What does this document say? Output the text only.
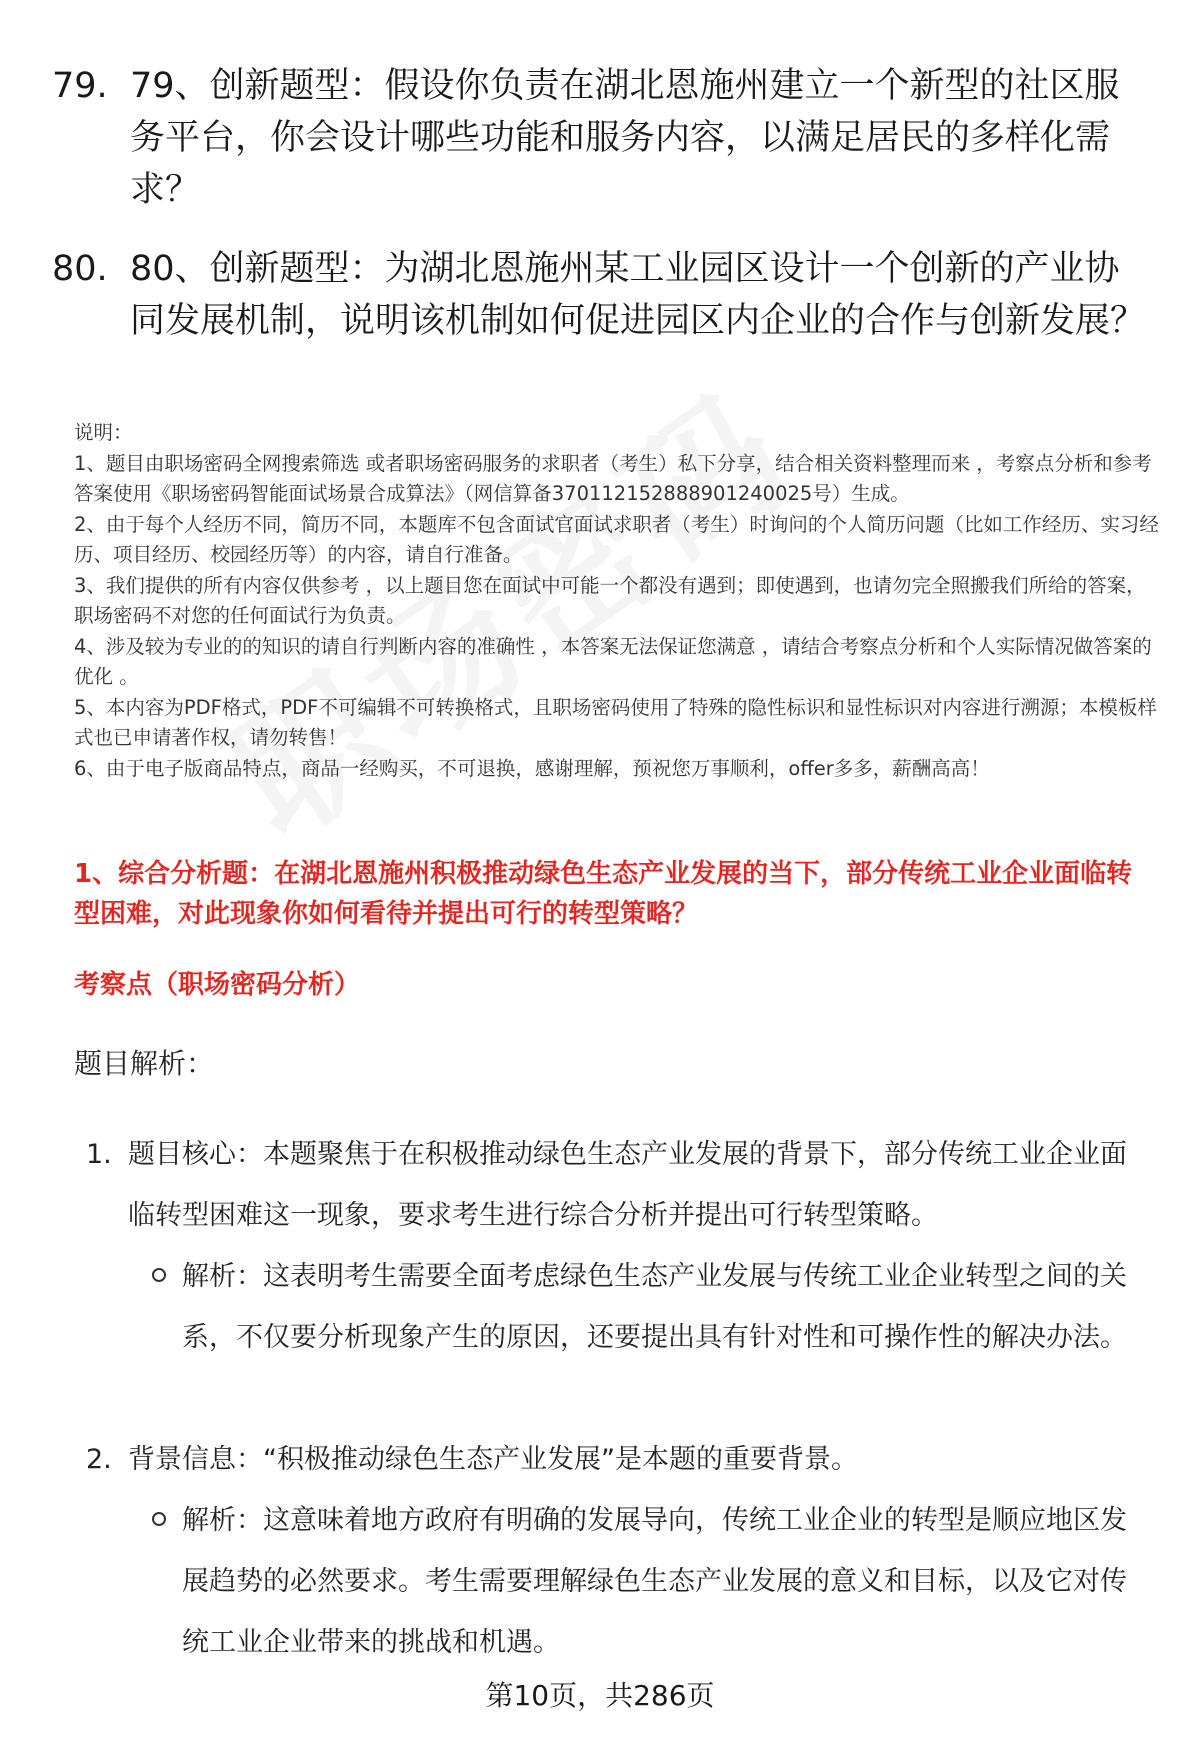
79. 79、创新题型：假设你负责在湖北恩施州建立一个新型的社区服务平台，你会设计哪些功能和服务内容，以满足居民的多样化需求？
80. 80、创新题型：为湖北恩施州某工业园区设计一个创新的产业协同发展机制，说明该机制如何促进园区内企业的合作与创新发展？
说明：
1、题目由职场密码全网搜索筛选 或者职场密码服务的求职者（考生）私下分享，结合相关资料整理而来 ，考察点分析和参考答案使用《职场密码智能面试场景合成算法》（网信算备370112152888901240025号）生成。
2、由于每个人经历不同，简历不同，本题库不包含面试官面试求职者（考生）时询问的个人简历问题（比如工作经历、实习经历、项目经历、校园经历等）的内容，请自行准备。
3、我们提供的所有内容仅供参考 ，以上题目您在面试中可能一个都没有遇到；即使遇到，也请勿完全照搬我们所给的答案，职场密码不对您的任何面试行为负责。
4、涉及较为专业的的知识的请自行判断内容的准确性 ，本答案无法保证您满意 ，请结合考察点分析和个人实际情况做答案的优化 。
5、本内容为PDF格式，PDF不可编辑不可转换格式，且职场密码使用了特殊的隐性标识和显性标识对内容进行溯源；本模板样式也已申请著作权，请勿转售！
6、由于电子版商品特点，商品一经购买，不可退换，感谢理解，预祝您万事顺利，offer多多，薪酬高高！
1、综合分析题：在湖北恩施州积极推动绿色生态产业发展的当下，部分传统工业企业面临转型困难，对此现象你如何看待并提出可行的转型策略？
考察点（职场密码分析）
题目解析：
1. 题目核心：本题聚焦于在积极推动绿色生态产业发展的背景下，部分传统工业企业面临转型困难这一现象，要求考生进行综合分析并提出可行转型策略。
解析：这表明考生需要全面考虑绿色生态产业发展与传统工业企业转型之间的关系，不仅要分析现象产生的原因，还要提出具有针对性和可操作性的解决办法。
2. 背景信息：“积极推动绿色生态产业发展”是本题的重要背景。
解析：这意味着地方政府有明确的发展导向，传统工业企业的转型是顺应地区发展趋势的必然要求。考生需要理解绿色生态产业发展的意义和目标，以及它对传统工业企业带来的挑战和机遇。
第10页，共286页
